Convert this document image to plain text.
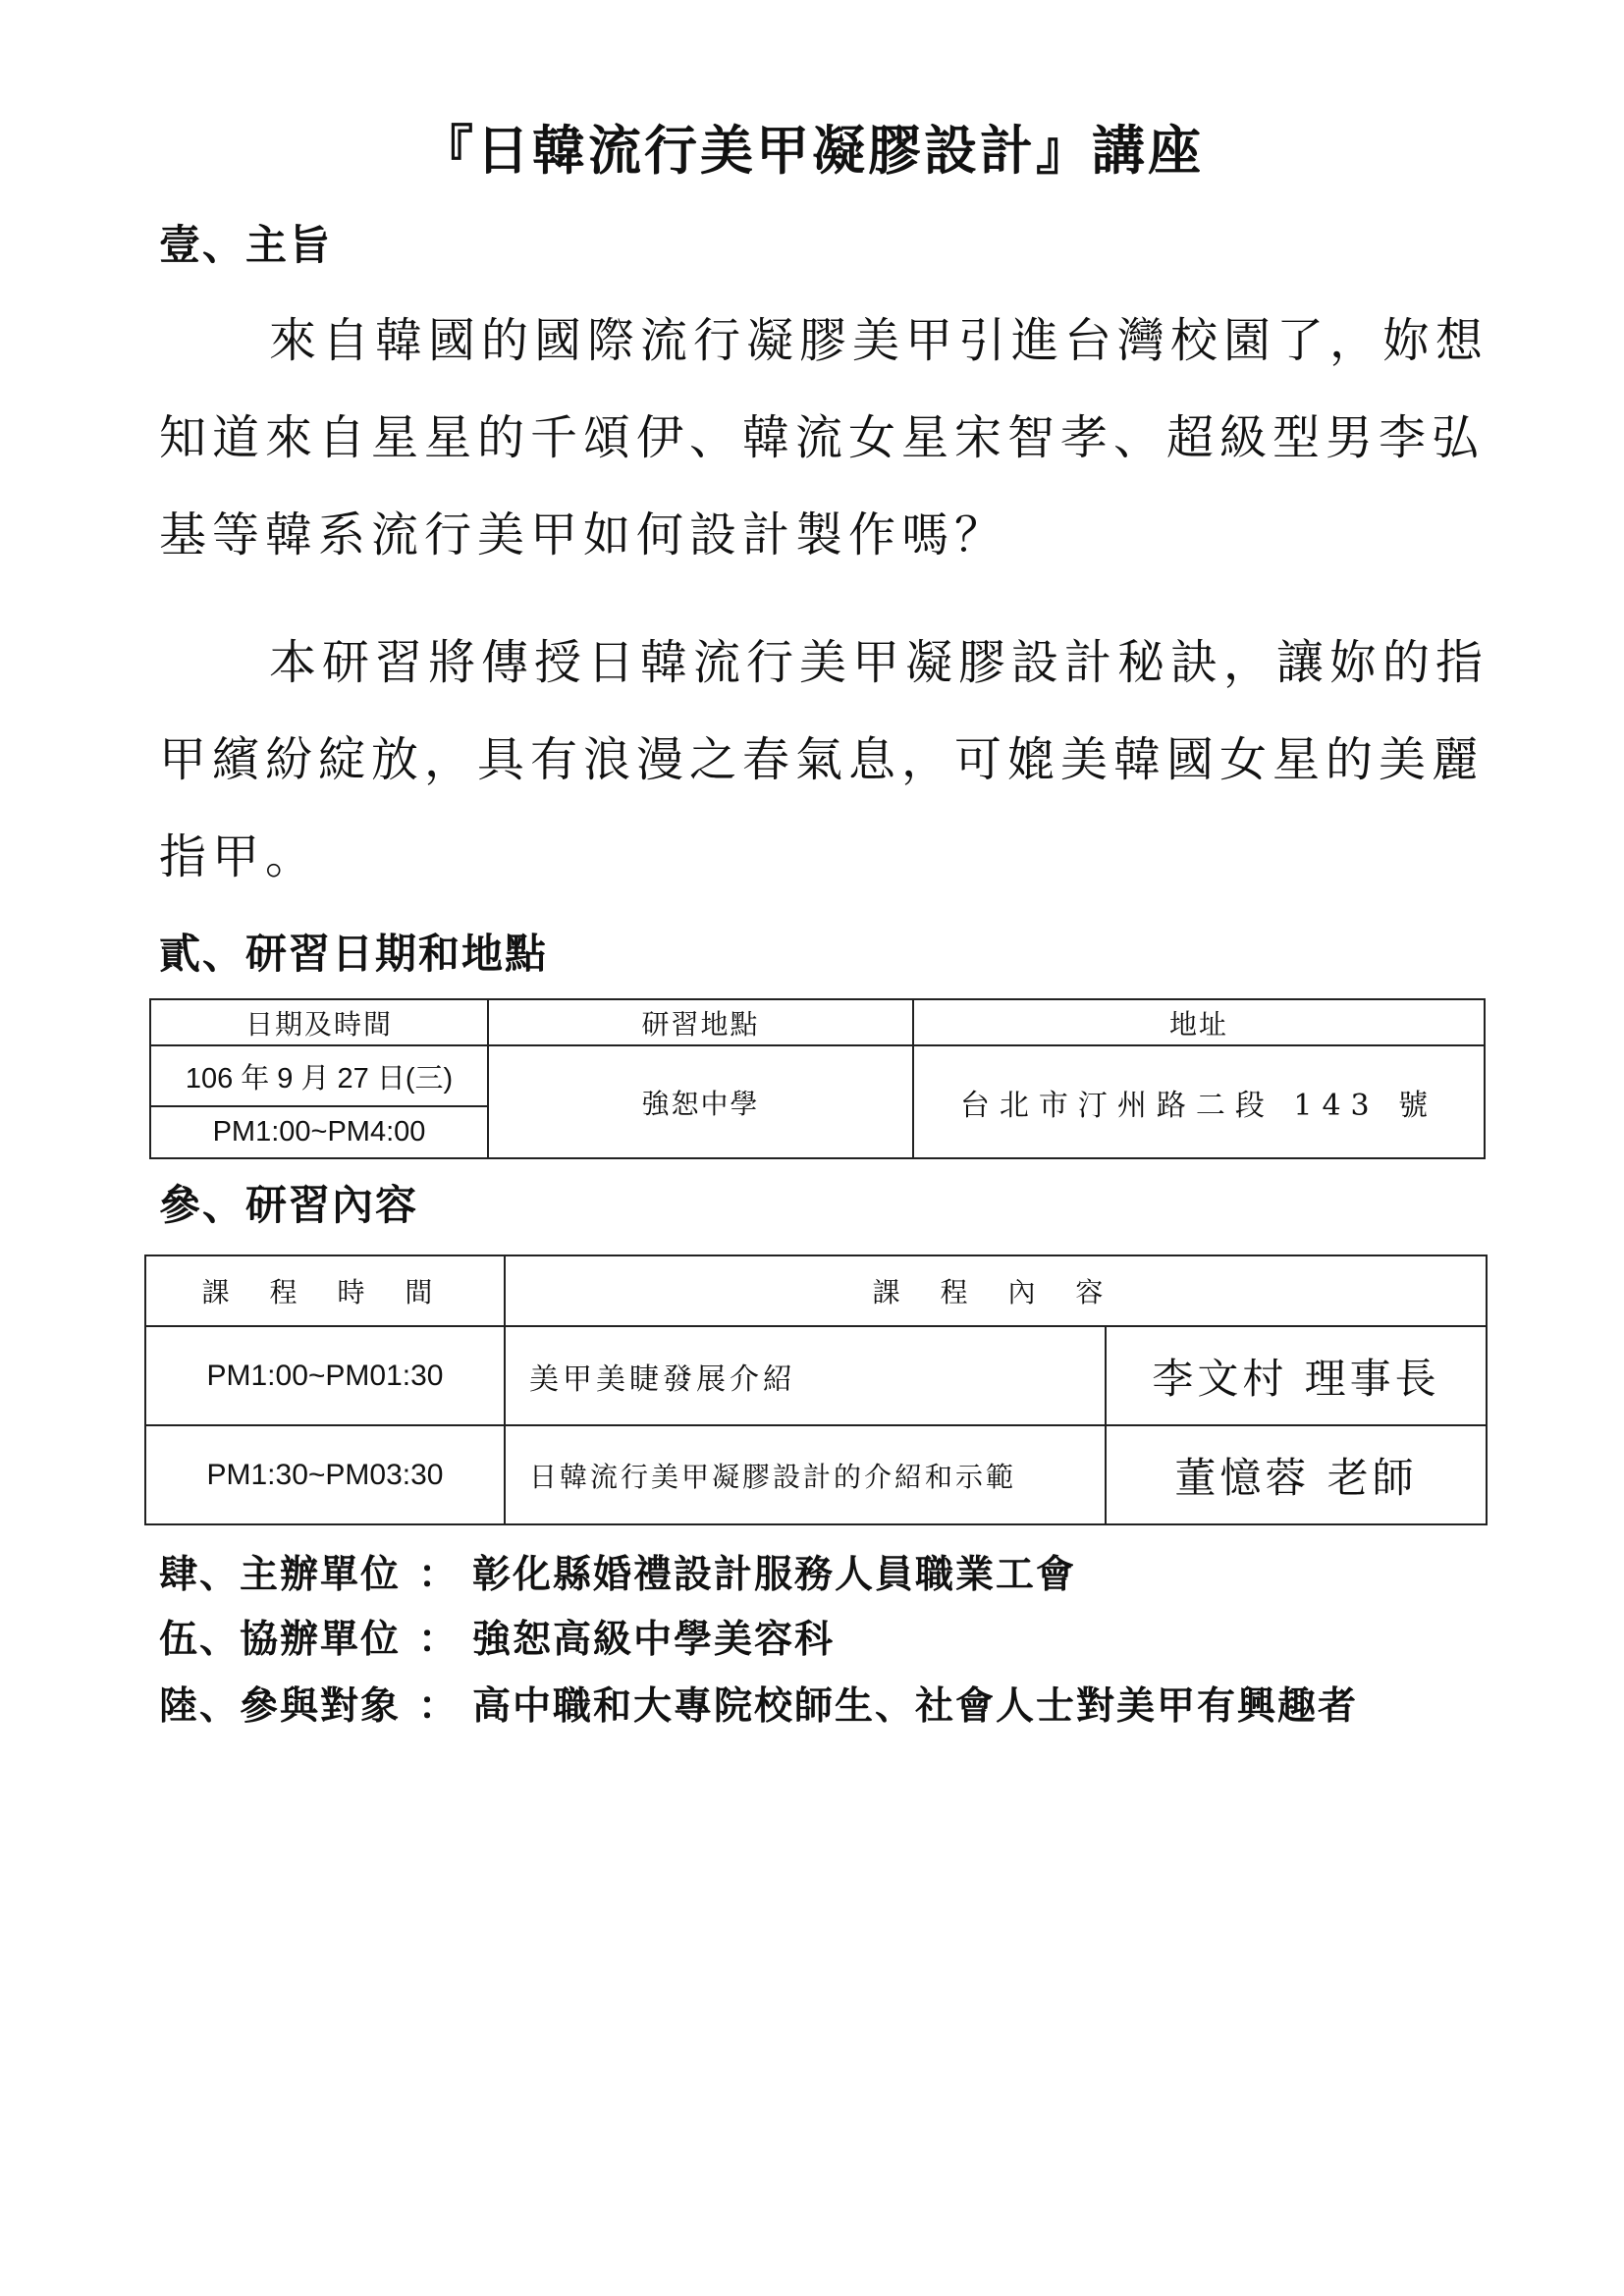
『日韓流行美甲凝膠設計』講座
壹、主旨
來自韓國的國際流行凝膠美甲引進台灣校園了，妳想
知道來自星星的千頌伊、韓流女星宋智孝、超級型男李弘
基等韓系流行美甲如何設計製作嗎？
本研習將傳授日韓流行美甲凝膠設計秘訣，讓妳的指
甲繽紛綻放，具有浪漫之春氣息，可媲美韓國女星的美麗
指甲。
貳、研習日期和地點
日期及時間	研習地點	地址
106 年 9 月 27 日(三)	強恕中學	台北市汀州路二段 143 號
PM1:00~PM4:00		
參、研習內容
課 程 時 間	課 程 內 容	
PM1:00~PM01:30	美甲美睫發展介紹	李文村 理事長
PM1:30~PM03:30	日韓流行美甲凝膠設計的介紹和示範	董憶蓉 老師
肆、主辦單位 ： 彰化縣婚禮設計服務人員職業工會
伍、協辦單位 ： 強恕高級中學美容科
陸、參與對象 ： 高中職和大專院校師生、社會人士對美甲有興趣者
